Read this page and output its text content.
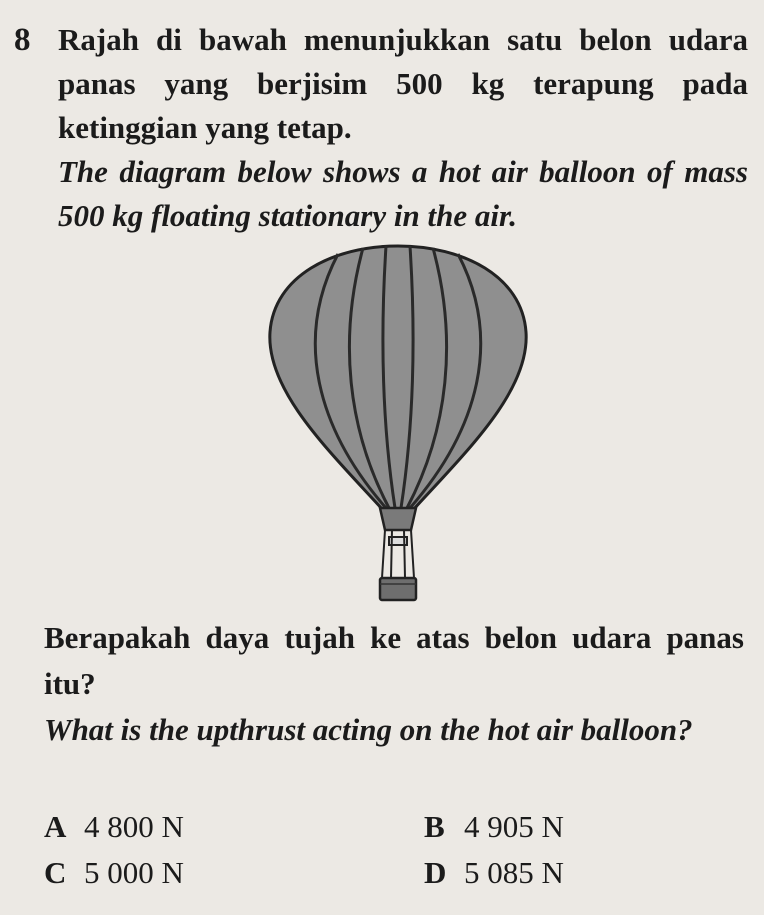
8 Rajah di bawah menunjukkan satu belon udara panas yang berjisim 500 kg terapung pada ketinggian yang tetap.
The diagram below shows a hot air balloon of mass 500 kg floating stationary in the air.
Berapakah daya tujah ke atas belon udara panas itu?
What is the upthrust acting on the hot air balloon?
A 4 800 N	B 4 905 N
C 5 000 N	D 5 085 N
